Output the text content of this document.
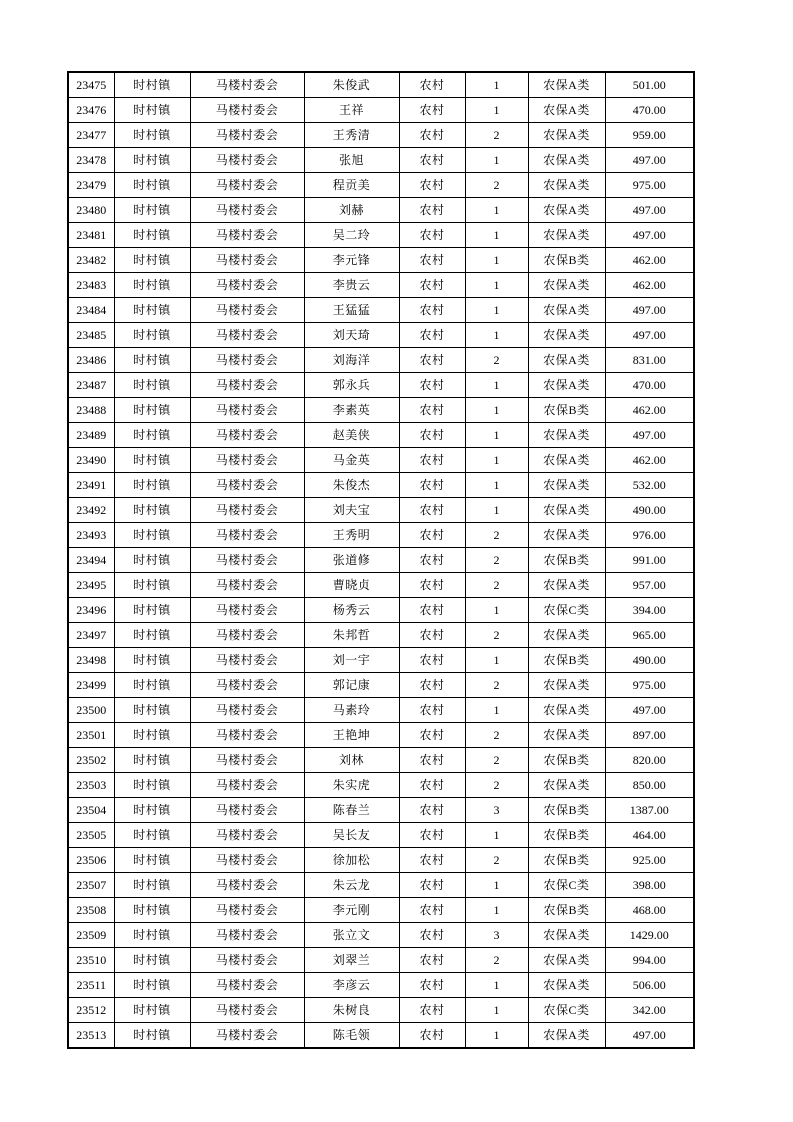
23475	时村镇	马楼村委会	朱俊武	农村	1	农保A类	501.00
23476	时村镇	马楼村委会	王祥	农村	1	农保A类	470.00
23477	时村镇	马楼村委会	王秀清	农村	2	农保A类	959.00
23478	时村镇	马楼村委会	张旭	农村	1	农保A类	497.00
23479	时村镇	马楼村委会	程贡美	农村	2	农保A类	975.00
23480	时村镇	马楼村委会	刘赫	农村	1	农保A类	497.00
23481	时村镇	马楼村委会	吴二玲	农村	1	农保A类	497.00
23482	时村镇	马楼村委会	李元锋	农村	1	农保B类	462.00
23483	时村镇	马楼村委会	李贵云	农村	1	农保A类	462.00
23484	时村镇	马楼村委会	王猛猛	农村	1	农保A类	497.00
23485	时村镇	马楼村委会	刘天琦	农村	1	农保A类	497.00
23486	时村镇	马楼村委会	刘海洋	农村	2	农保A类	831.00
23487	时村镇	马楼村委会	郭永兵	农村	1	农保A类	470.00
23488	时村镇	马楼村委会	李素英	农村	1	农保B类	462.00
23489	时村镇	马楼村委会	赵美侠	农村	1	农保A类	497.00
23490	时村镇	马楼村委会	马金英	农村	1	农保A类	462.00
23491	时村镇	马楼村委会	朱俊杰	农村	1	农保A类	532.00
23492	时村镇	马楼村委会	刘夫宝	农村	1	农保A类	490.00
23493	时村镇	马楼村委会	王秀明	农村	2	农保A类	976.00
23494	时村镇	马楼村委会	张道修	农村	2	农保B类	991.00
23495	时村镇	马楼村委会	曹晓贞	农村	2	农保A类	957.00
23496	时村镇	马楼村委会	杨秀云	农村	1	农保C类	394.00
23497	时村镇	马楼村委会	朱邦哲	农村	2	农保A类	965.00
23498	时村镇	马楼村委会	刘一宇	农村	1	农保B类	490.00
23499	时村镇	马楼村委会	郭记康	农村	2	农保A类	975.00
23500	时村镇	马楼村委会	马素玲	农村	1	农保A类	497.00
23501	时村镇	马楼村委会	王艳坤	农村	2	农保A类	897.00
23502	时村镇	马楼村委会	刘林	农村	2	农保B类	820.00
23503	时村镇	马楼村委会	朱实虎	农村	2	农保A类	850.00
23504	时村镇	马楼村委会	陈春兰	农村	3	农保B类	1387.00
23505	时村镇	马楼村委会	吴长友	农村	1	农保B类	464.00
23506	时村镇	马楼村委会	徐加松	农村	2	农保B类	925.00
23507	时村镇	马楼村委会	朱云龙	农村	1	农保C类	398.00
23508	时村镇	马楼村委会	李元刚	农村	1	农保B类	468.00
23509	时村镇	马楼村委会	张立文	农村	3	农保A类	1429.00
23510	时村镇	马楼村委会	刘翠兰	农村	2	农保A类	994.00
23511	时村镇	马楼村委会	李彦云	农村	1	农保A类	506.00
23512	时村镇	马楼村委会	朱树良	农村	1	农保C类	342.00
23513	时村镇	马楼村委会	陈毛领	农村	1	农保A类	497.00
